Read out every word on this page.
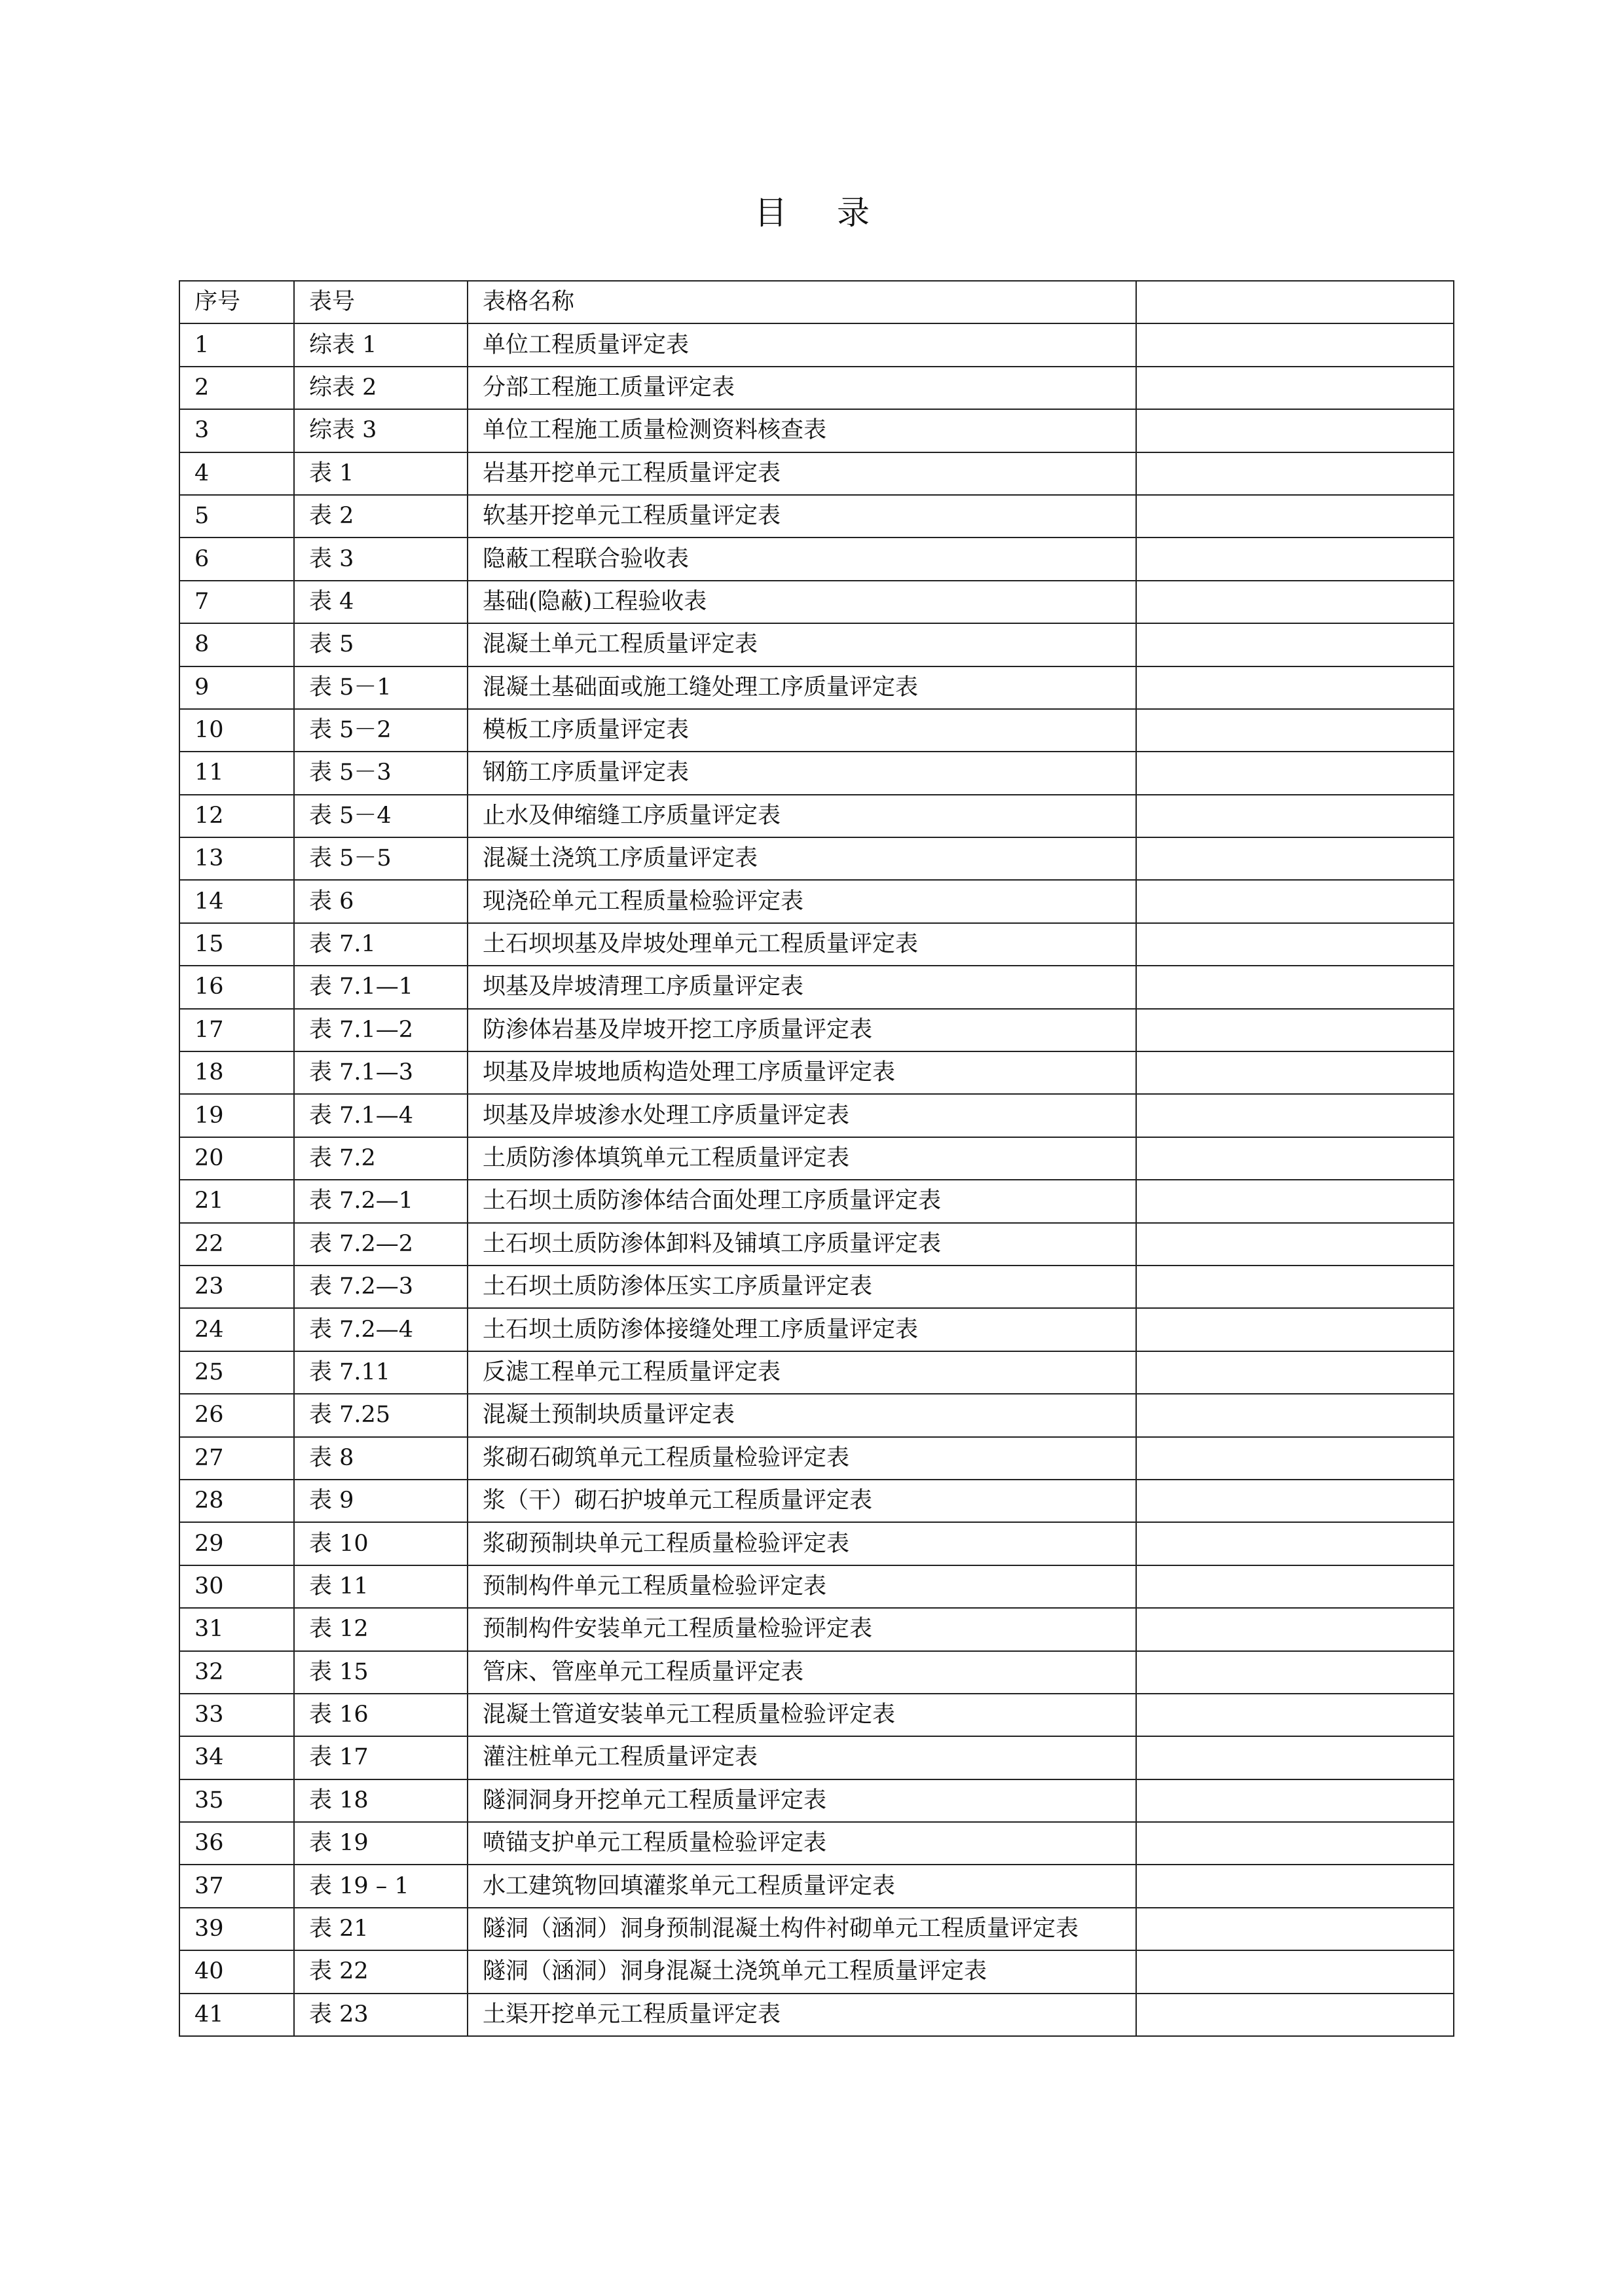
目 录
序号	表号	表格名称	
1	综表 1	单位工程质量评定表	
2	综表 2	分部工程施工质量评定表	
3	综表 3	单位工程施工质量检测资料核查表	
4	表 1	岩基开挖单元工程质量评定表	
5	表 2	软基开挖单元工程质量评定表	
6	表 3	隐蔽工程联合验收表	
7	表 4	基础(隐蔽)工程验收表	
8	表 5	混凝土单元工程质量评定表	
9	表 5－1	混凝土基础面或施工缝处理工序质量评定表	
10	表 5－2	模板工序质量评定表	
11	表 5－3	钢筋工序质量评定表	
12	表 5－4	止水及伸缩缝工序质量评定表	
13	表 5－5	混凝土浇筑工序质量评定表	
14	表 6	现浇砼单元工程质量检验评定表	
15	表 7.1	土石坝坝基及岸坡处理单元工程质量评定表	
16	表 7.1—1	坝基及岸坡清理工序质量评定表	
17	表 7.1—2	防渗体岩基及岸坡开挖工序质量评定表	
18	表 7.1—3	坝基及岸坡地质构造处理工序质量评定表	
19	表 7.1—4	坝基及岸坡渗水处理工序质量评定表	
20	表 7.2	土质防渗体填筑单元工程质量评定表	
21	表 7.2—1	土石坝土质防渗体结合面处理工序质量评定表	
22	表 7.2—2	土石坝土质防渗体卸料及铺填工序质量评定表	
23	表 7.2—3	土石坝土质防渗体压实工序质量评定表	
24	表 7.2—4	土石坝土质防渗体接缝处理工序质量评定表	
25	表 7.11	反滤工程单元工程质量评定表	
26	表 7.25	混凝土预制块质量评定表	
27	表 8	浆砌石砌筑单元工程质量检验评定表	
28	表 9	浆（干）砌石护坡单元工程质量评定表	
29	表 10	浆砌预制块单元工程质量检验评定表	
30	表 11	预制构件单元工程质量检验评定表	
31	表 12	预制构件安装单元工程质量检验评定表	
32	表 15	管床、管座单元工程质量评定表	
33	表 16	混凝土管道安装单元工程质量检验评定表	
34	表 17	灌注桩单元工程质量评定表	
35	表 18	隧洞洞身开挖单元工程质量评定表	
36	表 19	喷锚支护单元工程质量检验评定表	
37	表 19 – 1	水工建筑物回填灌浆单元工程质量评定表	
39	表 21	隧洞（涵洞）洞身预制混凝土构件衬砌单元工程质量评定表	
40	表 22	隧洞（涵洞）洞身混凝土浇筑单元工程质量评定表	
41	表 23	土渠开挖单元工程质量评定表	
